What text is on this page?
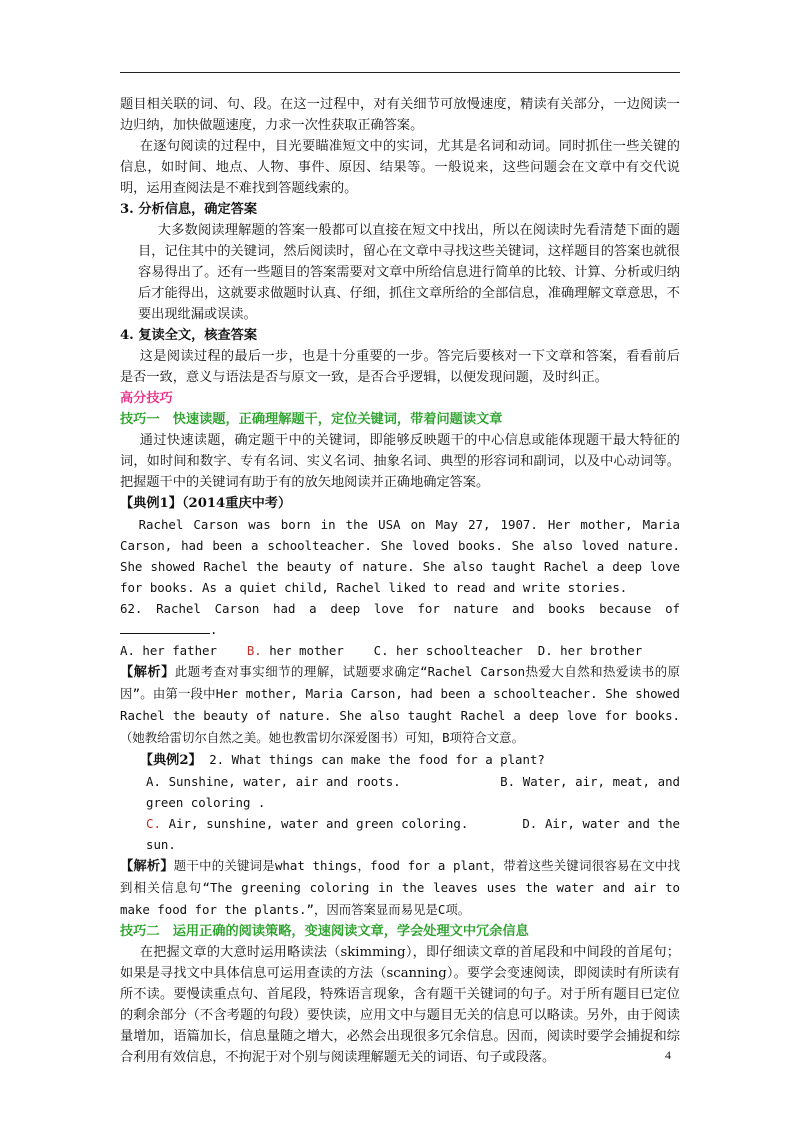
题目相关联的词、句、段。在这一过程中，对有关细节可放慢速度，精读有关部分，一边阅读一边归纳，加快做题速度，力求一次性获取正确答案。

在逐句阅读的过程中，目光要瞄准短文中的实词，尤其是名词和动词。同时抓住一些关键的信息，如时间、地点、人物、事件、原因、结果等。一般说来，这些问题会在文章中有交代说明，运用查阅法是不难找到答题线索的。

3. 分析信息，确定答案

大多数阅读理解题的答案一般都可以直接在短文中找出，所以在阅读时先看清楚下面的题目，记住其中的关键词，然后阅读时，留心在文章中寻找这些关键词，这样题目的答案也就很容易得出了。还有一些题目的答案需要对文章中所给信息进行简单的比较、计算、分析或归纳后才能得出，这就要求做题时认真、仔细，抓住文章所给的全部信息，准确理解文章意思，不要出现纰漏或误读。

4. 复读全文，核查答案

这是阅读过程的最后一步，也是十分重要的一步。答完后要核对一下文章和答案，看看前后是否一致，意义与语法是否与原文一致，是否合乎逻辑，以便发现问题，及时纠正。

高分技巧

技巧一　快速读题，正确理解题干，定位关键词，带着问题读文章

通过快速读题，确定题干中的关键词，即能够反映题干的中心信息或能体现题干最大特征的词，如时间和数字、专有名词、实义名词、抽象名词、典型的形容词和副词，以及中心动词等。把握题干中的关键词有助于有的放矢地阅读并正确地确定答案。

【典例1】（2014重庆中考）

Rachel Carson was born in the USA on May 27, 1907. Her mother, Maria Carson, had been a schoolteacher. She loved books. She also loved nature. She showed Rachel the beauty of nature. She also taught Rachel a deep love for books. As a quiet child, Rachel liked to read and write stories.

62. Rachel Carson had a deep love for nature and books because of .

A. her father B. her mother C. her schoolteacher D. her brother

【解析】此题考查对事实细节的理解，试题要求确定“Rachel Carson热爱大自然和热爱读书的原因”。由第一段中Her mother, Maria Carson, had been a schoolteacher. She showed Rachel the beauty of nature. She also taught Rachel a deep love for books.（她教给雷切尔自然之美。她也教雷切尔深爱图书）可知，B项符合文意。

【典例2】 2. What things can make the food for a plant?

A. Sunshine, water, air and roots.	B. Water, air, meat, and green coloring .

C. Air, sunshine, water and green coloring.	D. Air, water and the sun.

【解析】题干中的关键词是what things，food for a plant，带着这些关键词很容易在文中找到相关信息句“The greening coloring in the leaves uses the water and air to make food for the plants.”，因而答案显而易见是C项。

技巧二　运用正确的阅读策略，变速阅读文章，学会处理文中冗余信息

在把握文章的大意时运用略读法（skimming），即仔细读文章的首尾段和中间段的首尾句；如果是寻找文中具体信息可运用查读的方法（scanning）。要学会变速阅读，即阅读时有所读有所不读。要慢读重点句、首尾段，特殊语言现象，含有题干关键词的句子。对于所有题目已定位的剩余部分（不含考题的句段）要快读，应用文中与题目无关的信息可以略读。另外，由于阅读量增加，语篇加长，信息量随之增大，必然会出现很多冗余信息。因而，阅读时要学会捕捉和综合利用有效信息，不拘泥于对个别与阅读理解题无关的词语、句子或段落。	4
